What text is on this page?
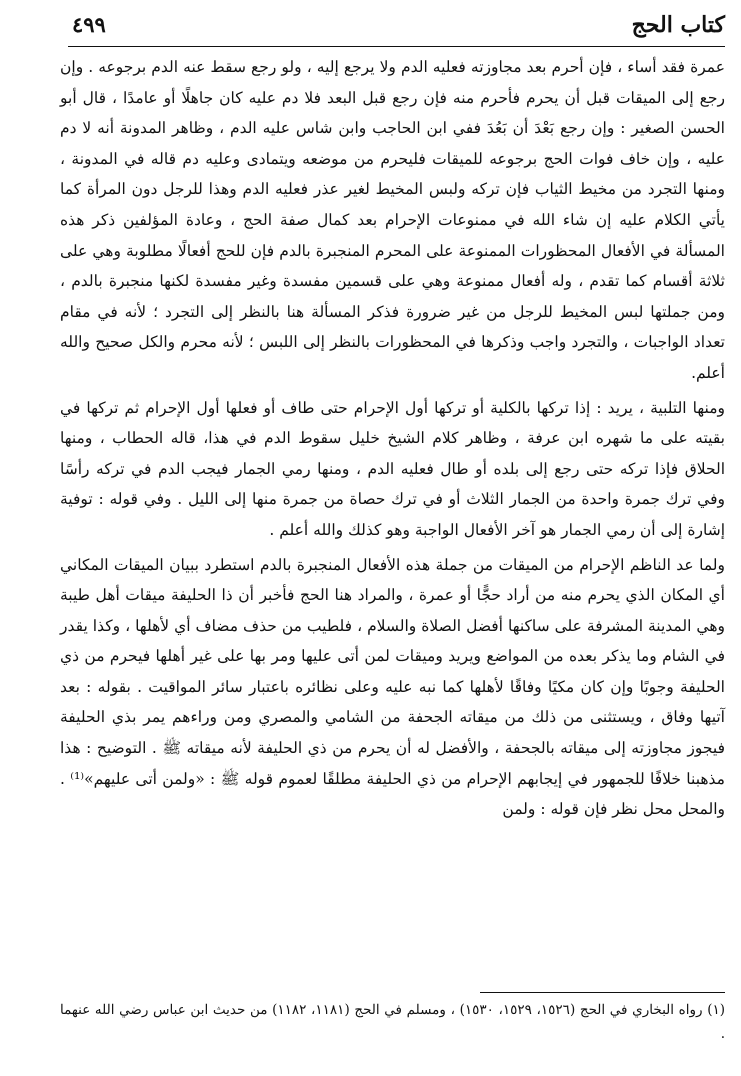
كتاب الحج
٤٩٩

عمرة فقد أساء ، فإن أحرم بعد مجاوزته فعليه الدم ولا يرجع إليه ، ولو رجع سقط عنه الدم برجوعه . وإن رجع إلى الميقات قبل أن يحرم فأحرم منه فإن رجع قبل البعد فلا دم عليه كان جاهلًا أو عامدًا ، قال أبو الحسن الصغير : وإن رجع بَعْدَ أن بَعُدَ ففي ابن الحاجب وابن شاس عليه الدم ، وظاهر المدونة أنه لا دم عليه ، وإن خاف فوات الحج برجوعه للميقات فليحرم من موضعه ويتمادى وعليه دم قاله في المدونة ، ومنها التجرد من مخيط الثياب فإن تركه ولبس المخيط لغير عذر فعليه الدم وهذا للرجل دون المرأة كما يأتي الكلام عليه إن شاء الله في ممنوعات الإحرام بعد كمال صفة الحج ، وعادة المؤلفين ذكر هذه المسألة في الأفعال المحظورات الممنوعة على المحرم المنجبرة بالدم فإن للحج أفعالًا مطلوبة وهي على ثلاثة أقسام كما تقدم ، وله أفعال ممنوعة وهي على قسمين مفسدة وغير مفسدة لكنها منجبرة بالدم ، ومن جملتها لبس المخيط للرجل من غير ضرورة فذكر المسألة هنا بالنظر إلى التجرد ؛ لأنه في مقام تعداد الواجبات ، والتجرد واجب وذكرها في المحظورات بالنظر إلى اللبس ؛ لأنه محرم والكل صحيح والله أعلم.

ومنها التلبية ، يريد : إذا تركها بالكلية أو تركها أول الإحرام حتى طاف أو فعلها أول الإحرام ثم تركها في بقيته على ما شهره ابن عرفة ، وظاهر كلام الشيخ خليل سقوط الدم في هذا، قاله الحطاب ، ومنها الحلاق فإذا تركه حتى رجع إلى بلده أو طال فعليه الدم ، ومنها رمي الجمار فيجب الدم في تركه رأسًا وفي ترك جمرة واحدة من الجمار الثلاث أو في ترك حصاة من جمرة منها إلى الليل . وفي قوله : توفية إشارة إلى أن رمي الجمار هو آخر الأفعال الواجبة وهو كذلك والله أعلم .

ولما عد الناظم الإحرام من الميقات من جملة هذه الأفعال المنجبرة بالدم استطرد ببيان الميقات المكاني أي المكان الذي يحرم منه من أراد حجًّا أو عمرة ، والمراد هنا الحج فأخبر أن ذا الحليفة ميقات أهل طيبة وهي المدينة المشرفة على ساكنها أفضل الصلاة والسلام ، فلطيب من حذف مضاف أي لأهلها ، وكذا يقدر في الشام وما يذكر بعده من المواضع ويريد وميقات لمن أتى عليها ومر بها على غير أهلها فيحرم من ذي الحليفة وجوبًا وإن كان مكيًا وفاقًا لأهلها كما نبه عليه وعلى نظائره باعتبار سائر المواقيت . بقوله : بعد آتيها وفاق ، ويستثنى من ذلك من ميقاته الجحفة من الشامي والمصري ومن وراءهم يمر بذي الحليفة فيجوز مجاوزته إلى ميقاته بالجحفة ، والأفضل له أن يحرم من ذي الحليفة لأنه ميقاته ﷺ . التوضيح : هذا مذهبنا خلافًا للجمهور في إيجابهم الإحرام من ذي الحليفة مطلقًا لعموم قوله ﷺ : «ولمن أتى عليهم»⁽¹⁾ . والمحل محل نظر فإن قوله : ولمن

(١) رواه البخاري في الحج (١٥٢٦، ١٥٢٩، ١٥٣٠) ، ومسلم في الحج (١١٨١، ١١٨٢) من حديث ابن عباس رضي الله عنهما .
